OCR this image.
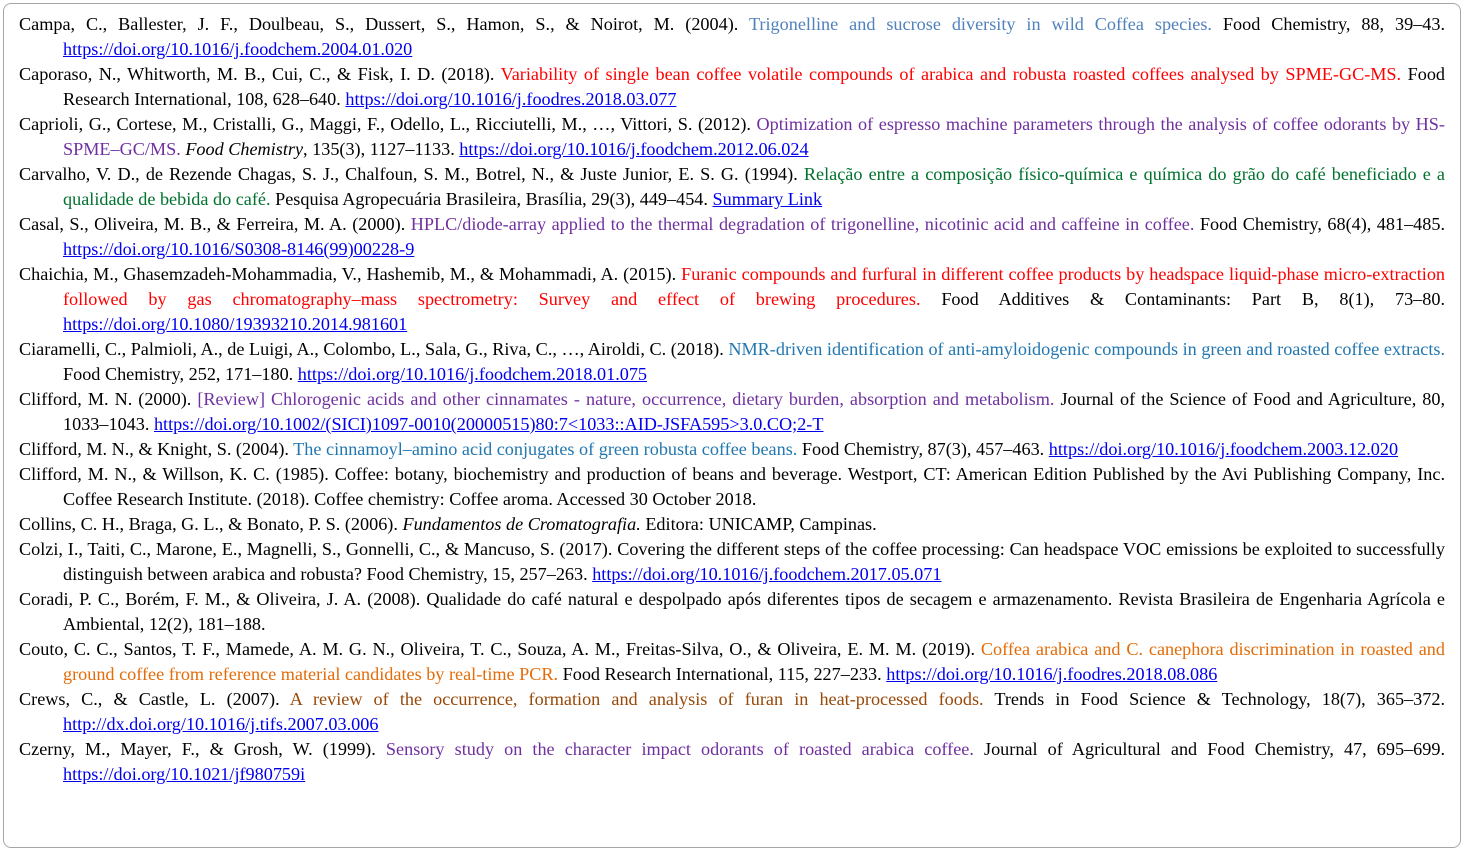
Campa, C., Ballester, J. F., Doulbeau, S., Dussert, S., Hamon, S., & Noirot, M. (2004). Trigonelline and sucrose diversity in wild Coffea species. Food Chemistry, 88, 39–43. https://doi.org/10.1016/j.foodchem.2004.01.020

Caporaso, N., Whitworth, M. B., Cui, C., & Fisk, I. D. (2018). Variability of single bean coffee volatile compounds of arabica and robusta roasted coffees analysed by SPME-GC-MS. Food Research International, 108, 628–640. https://doi.org/10.1016/j.foodres.2018.03.077

Caprioli, G., Cortese, M., Cristalli, G., Maggi, F., Odello, L., Ricciutelli, M., …, Vittori, S. (2012). Optimization of espresso machine parameters through the analysis of coffee odorants by HS-SPME–GC/MS. Food Chemistry, 135(3), 1127–1133. https://doi.org/10.1016/j.foodchem.2012.06.024

Carvalho, V. D., de Rezende Chagas, S. J., Chalfoun, S. M., Botrel, N., & Juste Junior, E. S. G. (1994). Relação entre a composição físico-química e química do grão do café beneficiado e a qualidade de bebida do café. Pesquisa Agropecuária Brasileira, Brasília, 29(3), 449–454. Summary Link

Casal, S., Oliveira, M. B., & Ferreira, M. A. (2000). HPLC/diode-array applied to the thermal degradation of trigonelline, nicotinic acid and caffeine in coffee. Food Chemistry, 68(4), 481–485. https://doi.org/10.1016/S0308-8146(99)00228-9

Chaichia, M., Ghasemzadeh-Mohammadia, V., Hashemib, M., & Mohammadi, A. (2015). Furanic compounds and furfural in different coffee products by headspace liquid-phase micro-extraction followed by gas chromatography–mass spectrometry: Survey and effect of brewing procedures. Food Additives & Contaminants: Part B, 8(1), 73–80. https://doi.org/10.1080/19393210.2014.981601

Ciaramelli, C., Palmioli, A., de Luigi, A., Colombo, L., Sala, G., Riva, C., …, Airoldi, C. (2018). NMR-driven identification of anti-amyloidogenic compounds in green and roasted coffee extracts. Food Chemistry, 252, 171–180. https://doi.org/10.1016/j.foodchem.2018.01.075

Clifford, M. N. (2000). [Review] Chlorogenic acids and other cinnamates - nature, occurrence, dietary burden, absorption and metabolism. Journal of the Science of Food and Agriculture, 80, 1033–1043. https://doi.org/10.1002/(SICI)1097-0010(20000515)80:7<1033::AID-JSFA595>3.0.CO;2-T

Clifford, M. N., & Knight, S. (2004). The cinnamoyl–amino acid conjugates of green robusta coffee beans. Food Chemistry, 87(3), 457–463. https://doi.org/10.1016/j.foodchem.2003.12.020

Clifford, M. N., & Willson, K. C. (1985). Coffee: botany, biochemistry and production of beans and beverage. Westport, CT: American Edition Published by the Avi Publishing Company, Inc. Coffee Research Institute. (2018). Coffee chemistry: Coffee aroma. Accessed 30 October 2018.

Collins, C. H., Braga, G. L., & Bonato, P. S. (2006). Fundamentos de Cromatografia. Editora: UNICAMP, Campinas.

Colzi, I., Taiti, C., Marone, E., Magnelli, S., Gonnelli, C., & Mancuso, S. (2017). Covering the different steps of the coffee processing: Can headspace VOC emissions be exploited to successfully distinguish between arabica and robusta? Food Chemistry, 15, 257–263. https://doi.org/10.1016/j.foodchem.2017.05.071

Coradi, P. C., Borém, F. M., & Oliveira, J. A. (2008). Qualidade do café natural e despolpado após diferentes tipos de secagem e armazenamento. Revista Brasileira de Engenharia Agrícola e Ambiental, 12(2), 181–188.

Couto, C. C., Santos, T. F., Mamede, A. M. G. N., Oliveira, T. C., Souza, A. M., Freitas-Silva, O., & Oliveira, E. M. M. (2019). Coffea arabica and C. canephora discrimination in roasted and ground coffee from reference material candidates by real-time PCR. Food Research International, 115, 227–233. https://doi.org/10.1016/j.foodres.2018.08.086

Crews, C., & Castle, L. (2007). A review of the occurrence, formation and analysis of furan in heat-processed foods. Trends in Food Science & Technology, 18(7), 365–372. http://dx.doi.org/10.1016/j.tifs.2007.03.006

Czerny, M., Mayer, F., & Grosh, W. (1999). Sensory study on the character impact odorants of roasted arabica coffee. Journal of Agricultural and Food Chemistry, 47, 695–699. https://doi.org/10.1021/jf980759i
